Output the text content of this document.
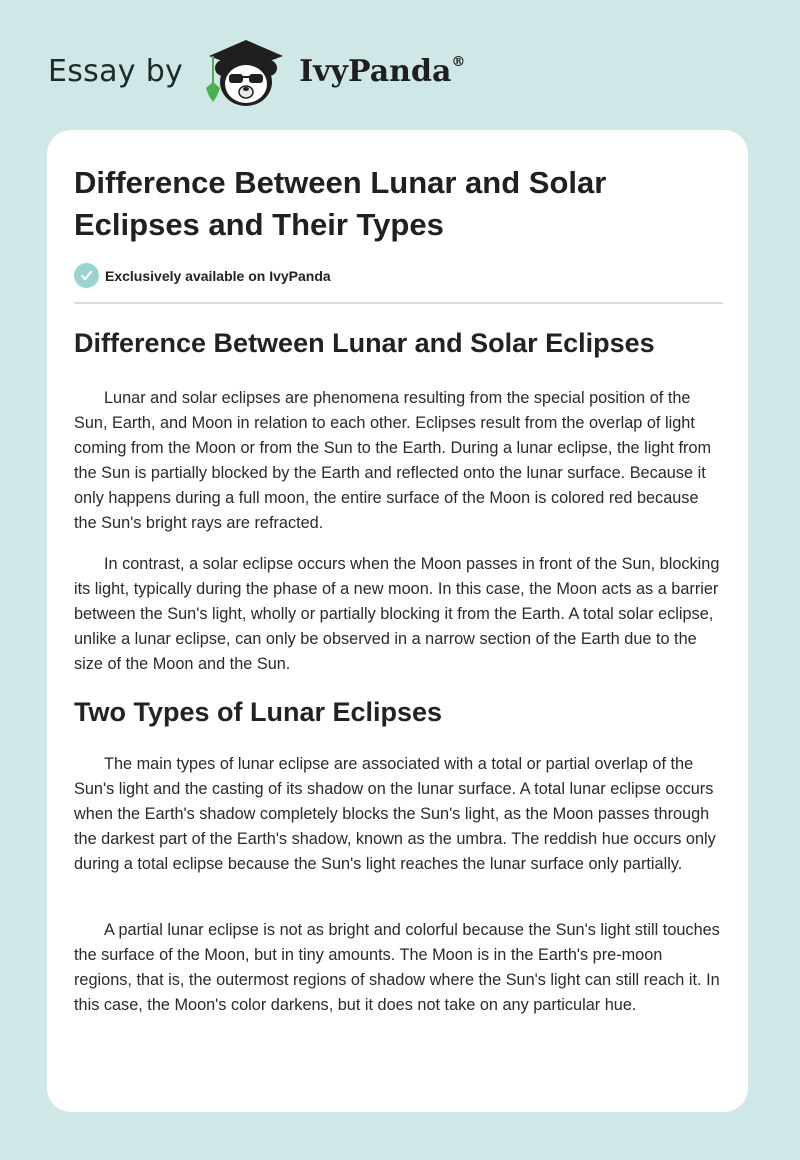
Essay by	IvyPanda®
Difference Between Lunar and Solar Eclipses and Their Types
Exclusively available on IvyPanda
Difference Between Lunar and Solar Eclipses

Lunar and solar eclipses are phenomena resulting from the special position of the Sun, Earth, and Moon in relation to each other. Eclipses result from the overlap of light coming from the Moon or from the Sun to the Earth. During a lunar eclipse, the light from the Sun is partially blocked by the Earth and reflected onto the lunar surface. Because it only happens during a full moon, the entire surface of the Moon is colored red because the Sun's bright rays are refracted.

In contrast, a solar eclipse occurs when the Moon passes in front of the Sun, blocking its light, typically during the phase of a new moon. In this case, the Moon acts as a barrier between the Sun's light, wholly or partially blocking it from the Earth. A total solar eclipse, unlike a lunar eclipse, can only be observed in a narrow section of the Earth due to the size of the Moon and the Sun.

Two Types of Lunar Eclipses

The main types of lunar eclipse are associated with a total or partial overlap of the Sun's light and the casting of its shadow on the lunar surface. A total lunar eclipse occurs when the Earth's shadow completely blocks the Sun's light, as the Moon passes through the darkest part of the Earth's shadow, known as the umbra. The reddish hue occurs only during a total eclipse because the Sun's light reaches the lunar surface only partially.

A partial lunar eclipse is not as bright and colorful because the Sun's light still touches the surface of the Moon, but in tiny amounts. The Moon is in the Earth's pre-moon regions, that is, the outermost regions of shadow where the Sun's light can still reach it. In this case, the Moon's color darkens, but it does not take on any particular hue.
